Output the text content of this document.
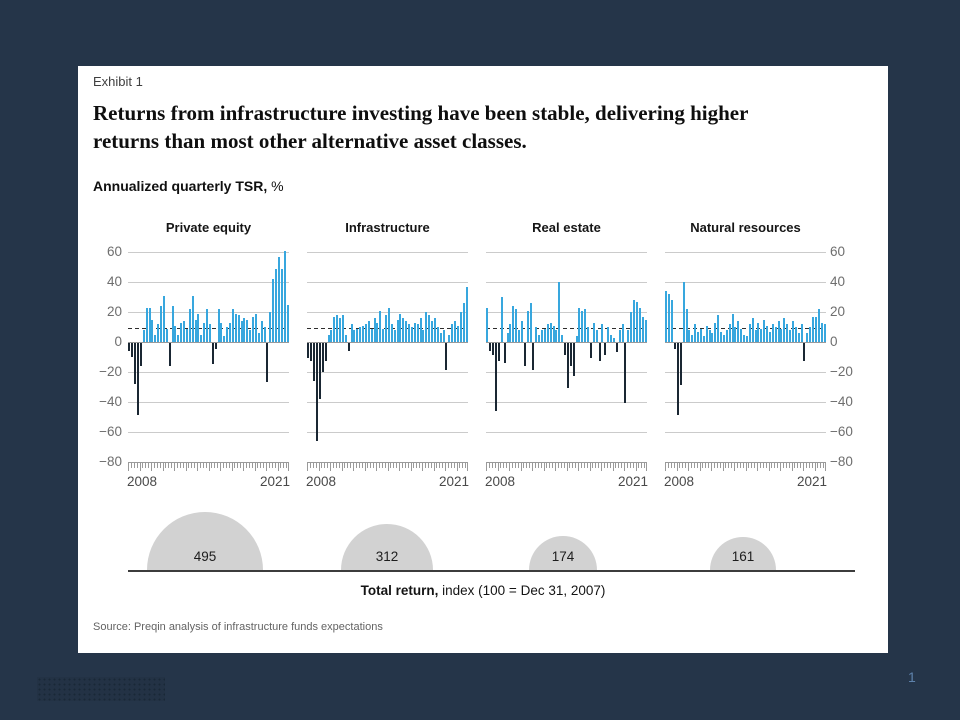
Exhibit 1
Returns from infrastructure investing have been stable, delivering higher returns than most other alternative asset classes.
Annualized quarterly TSR, %
Private equity
2008	2021
Infrastructure
2008	2021
Real estate
2008	2021
Natural resources
2008	2021
60	60
40	40
20	20
0	0
−20	−20
−40	−40
−60	−60
−80	−80
495	312	174	161
Total return, index (100 = Dec 31, 2007)
Source: Preqin analysis of infrastructure funds expectations
1
